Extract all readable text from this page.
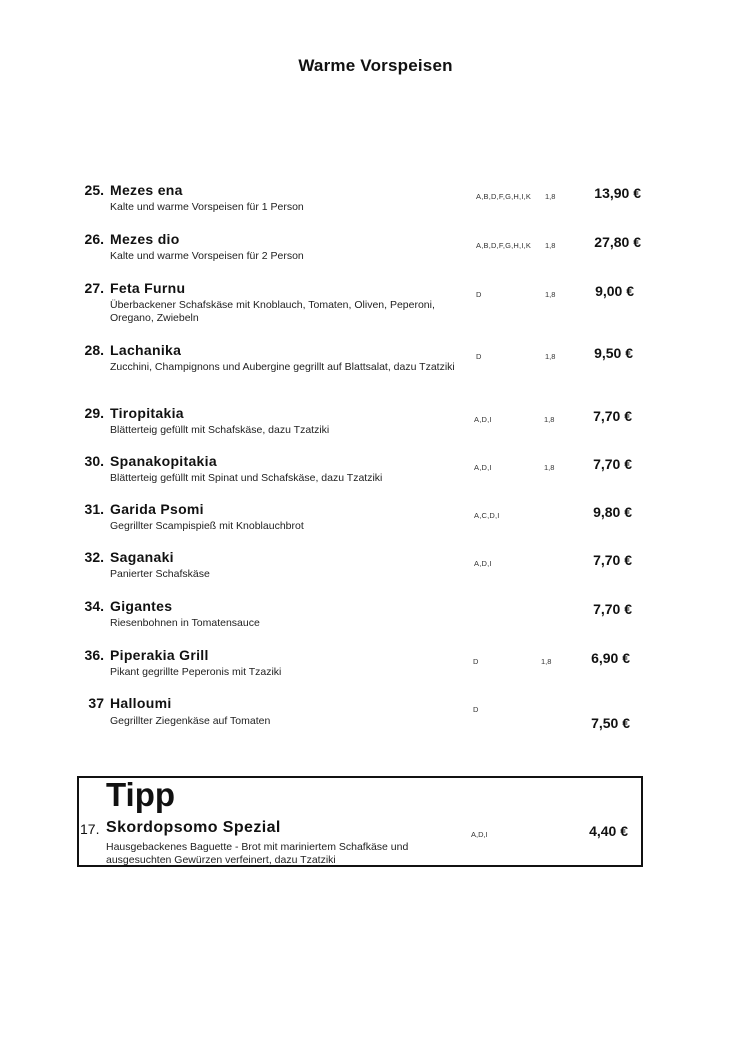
Warme Vorspeisen
25. Mezes ena
Kalte und warme Vorspeisen für 1 Person
A,B,D,F,G,H,I,K 1,8	13,90 €
26. Mezes dio
Kalte und warme Vorspeisen für 2 Person
A,B,D,F,G,H,I,K 1,8	27,80 €
27. Feta Furnu
Überbackener Schafskäse mit Knoblauch, Tomaten, Oliven, Peperoni, Oregano, Zwiebeln
D	1,8	9,00 €
28. Lachanika
Zucchini, Champignons und Aubergine gegrillt auf Blattsalat, dazu Tzatziki
D	1,8	9,50 €
29. Tiropitakia
Blätterteig gefüllt mit Schafskäse, dazu Tzatziki
A,D,I	1,8	7,70 €
30. Spanakopitakia
Blätterteig gefüllt mit Spinat und Schafskäse, dazu Tzatziki
A,D,I	1,8	7,70 €
31. Garida Psomi
Gegrillter Scampispieß mit Knoblauchbrot
A,C,D,I	9,80 €
32. Saganaki
Panierter Schafskäse
A,D,I	7,70 €
34. Gigantes
Riesenbohnen in Tomatensauce
7,70 €
36. Piperakia Grill
Pikant gegrillte Peperonis mit Tzaziki
D	1,8	6,90 €
37 Halloumi
Gegrillter Ziegenkäse auf Tomaten
D
7,50 €
Tipp
17. Skordopsomo Spezial
Hausgebackenes Baguette - Brot mit mariniertem Schafkäse und ausgesuchten Gewürzen verfeinert, dazu Tzatziki
A,D,I	4,40 €
